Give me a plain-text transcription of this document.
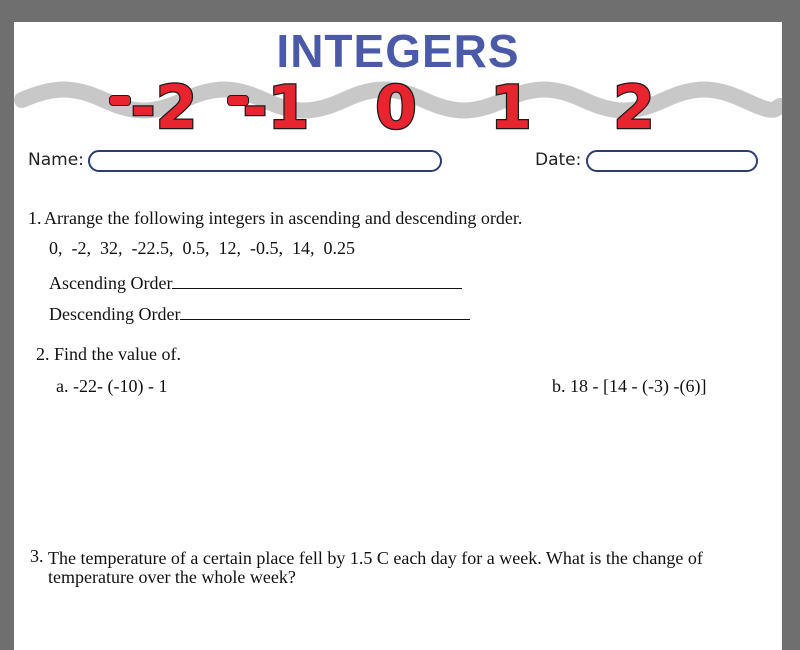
INTEGERS
-2 -1 0 1 2
Name:	Date:
1. Arrange the following integers in ascending and descending order.
0,  -2,  32,  -22.5,  0.5,  12,  -0.5,  14,  0.25
Ascending Order
Descending Order
2. Find the value of.
a. -22- (-10) - 1	b. 18 - [14 - (-3) -(6)]
3. The temperature of a certain place fell by 1.5 C each day for a week. What is the change of
temperature over the whole week?
